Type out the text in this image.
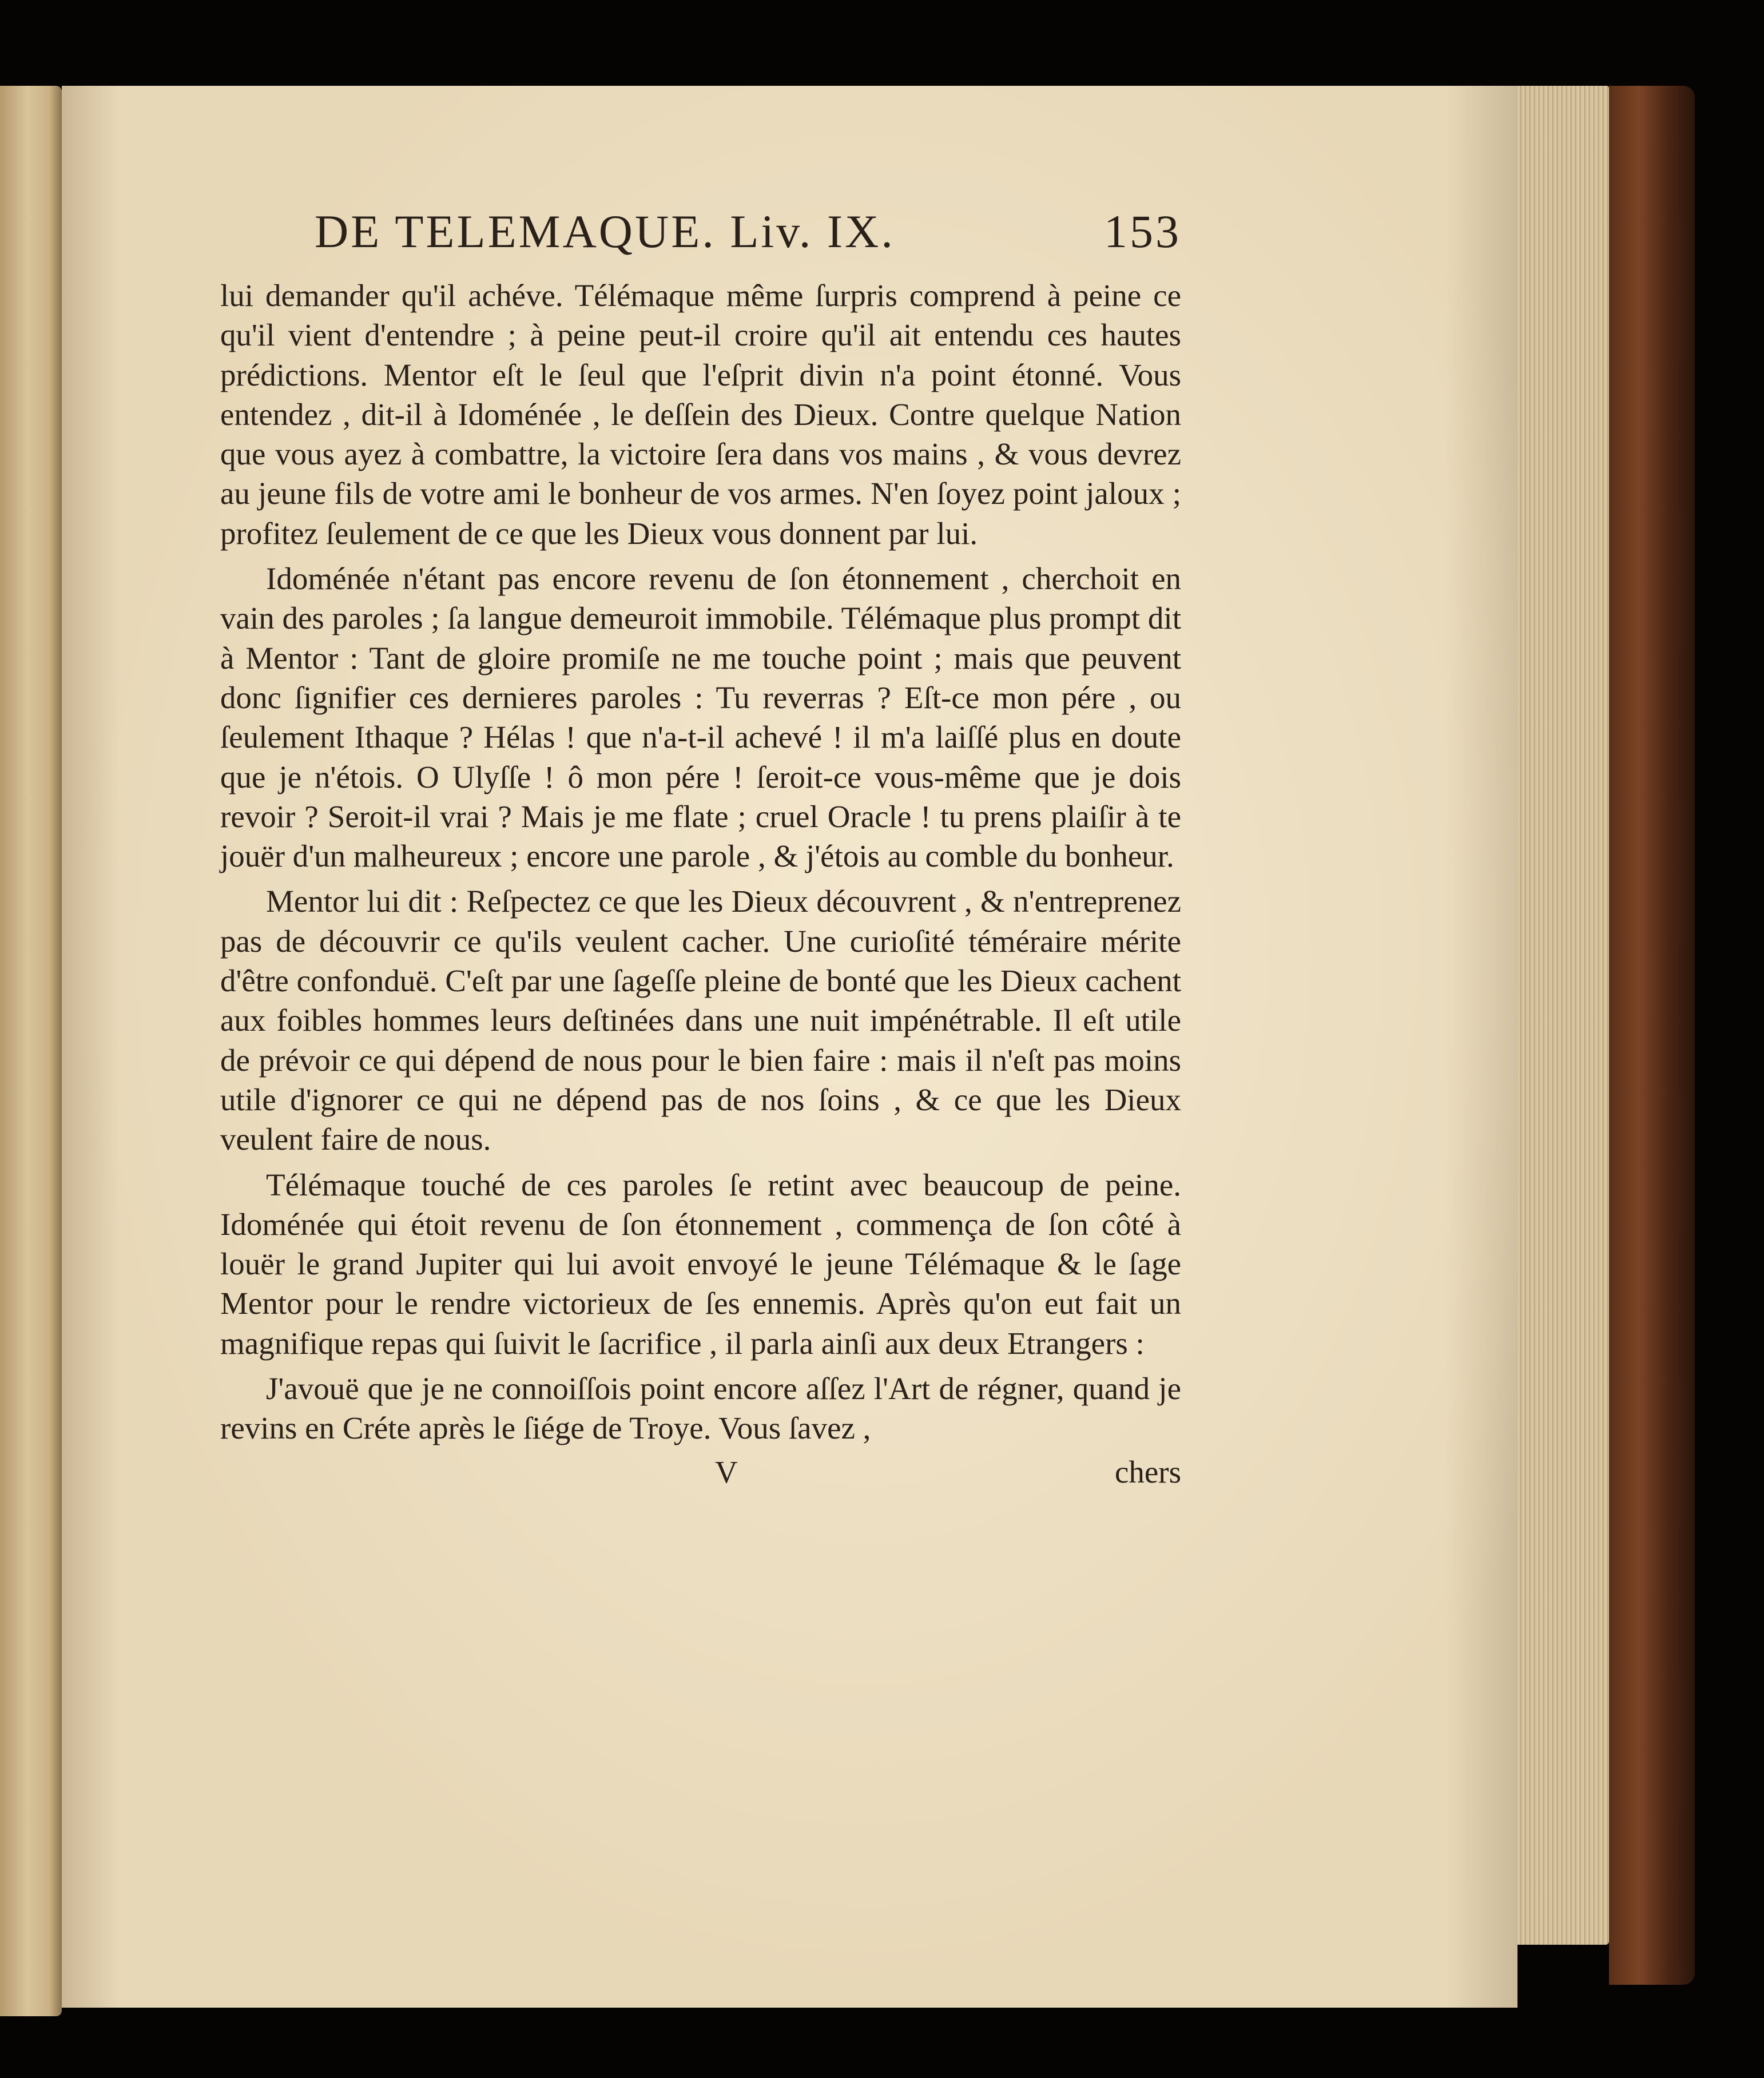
DE TELEMAQUE. Liv. IX.	153

lui demander qu'il achéve. Télémaque même ſurpris comprend à peine ce qu'il vient d'entendre ; à peine peut-il croire qu'il ait entendu ces hautes prédictions. Mentor eſt le ſeul que l'eſprit divin n'a point étonné. Vous entendez , dit-il à Idoménée , le deſſein des Dieux. Contre quelque Nation que vous ayez à combattre, la victoire ſera dans vos mains , & vous devrez au jeune fils de votre ami le bonheur de vos armes. N'en ſoyez point jaloux ; profitez ſeulement de ce que les Dieux vous donnent par lui.

Idoménée n'étant pas encore revenu de ſon étonnement , cherchoit en vain des paroles ; ſa langue demeuroit immobile. Télémaque plus prompt dit à Mentor : Tant de gloire promiſe ne me touche point ; mais que peuvent donc ſignifier ces dernieres paroles : Tu reverras ? Eſt-ce mon pére , ou ſeulement Ithaque ? Hélas ! que n'a-t-il achevé ! il m'a laiſſé plus en doute que je n'étois. O Ulyſſe ! ô mon pére ! ſeroit-ce vous-même que je dois revoir ? Seroit-il vrai ? Mais je me flate ; cruel Oracle ! tu prens plaiſir à te jouër d'un malheureux ; encore une parole , & j'étois au comble du bonheur.

Mentor lui dit : Reſpectez ce que les Dieux découvrent , & n'entreprenez pas de découvrir ce qu'ils veulent cacher. Une curioſité téméraire mérite d'être confonduë. C'eſt par une ſageſſe pleine de bonté que les Dieux cachent aux foibles hommes leurs deſtinées dans une nuit impénétrable. Il eſt utile de prévoir ce qui dépend de nous pour le bien faire : mais il n'eſt pas moins utile d'ignorer ce qui ne dépend pas de nos ſoins , & ce que les Dieux veulent faire de nous.

Télémaque touché de ces paroles ſe retint avec beaucoup de peine. Idoménée qui étoit revenu de ſon étonnement , commença de ſon côté à louër le grand Jupiter qui lui avoit envoyé le jeune Télémaque & le ſage Mentor pour le rendre victorieux de ſes ennemis. Après qu'on eut fait un magnifique repas qui ſuivit le ſacrifice , il parla ainſi aux deux Etrangers :

J'avouë que je ne connoiſſois point encore aſſez l'Art de régner, quand je revins en Créte après le ſiége de Troye. Vous ſavez ,

V	chers
